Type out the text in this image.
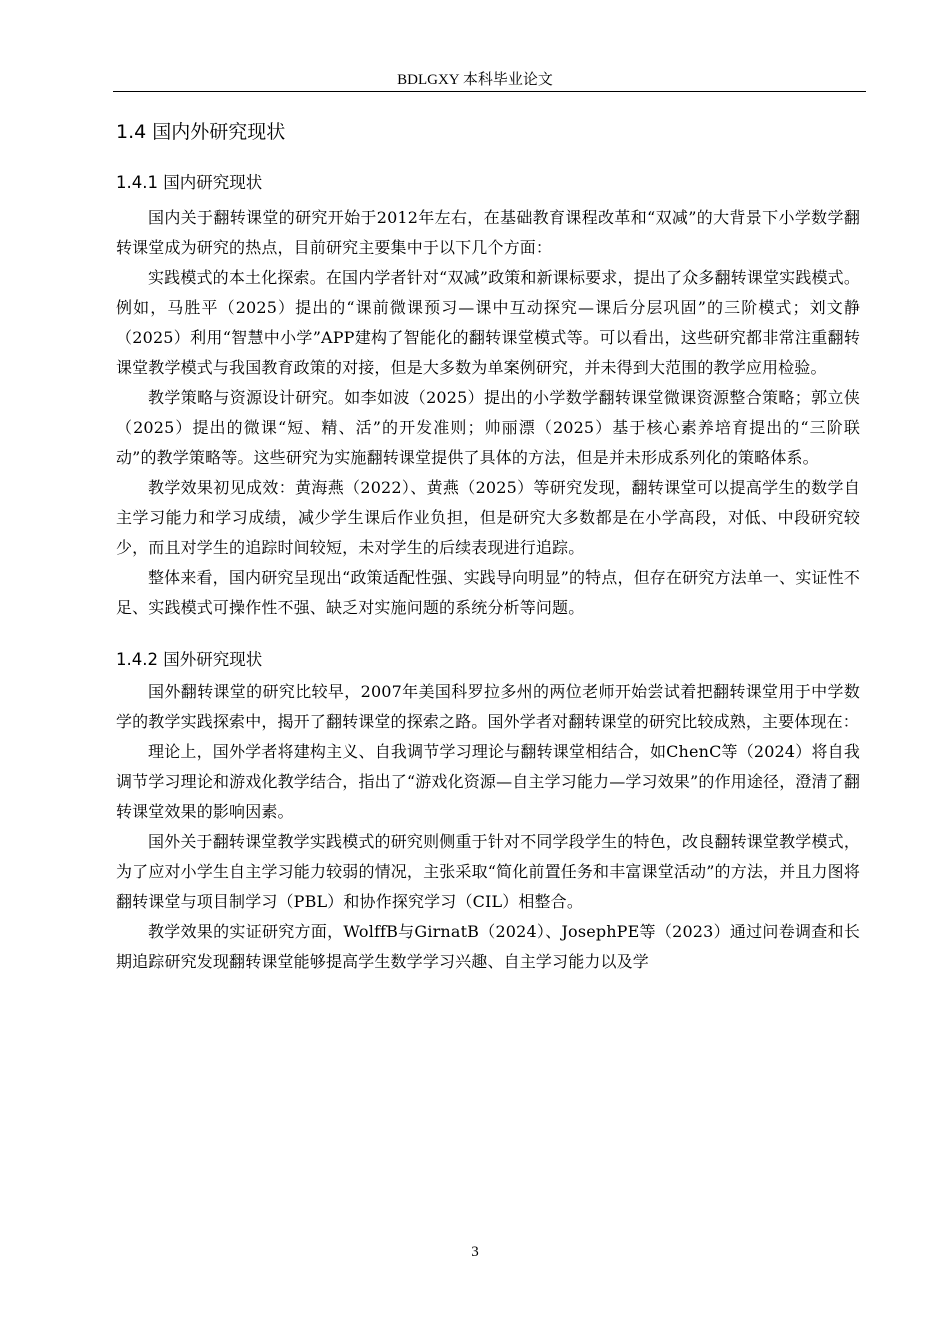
BDLGXY 本科毕业论文
1.4 国内外研究现状
1.4.1 国内研究现状

国内关于翻转课堂的研究开始于2012年左右，在基础教育课程改革和“双减”的大背景下小学数学翻转课堂成为研究的热点，目前研究主要集中于以下几个方面：

实践模式的本土化探索。在国内学者针对“双减”政策和新课标要求，提出了众多翻转课堂实践模式。例如，马胜平（2025）提出的“课前微课预习—课中互动探究—课后分层巩固”的三阶模式；刘文静（2025）利用“智慧中小学”APP建构了智能化的翻转课堂模式等。可以看出，这些研究都非常注重翻转课堂教学模式与我国教育政策的对接，但是大多数为单案例研究，并未得到大范围的教学应用检验。

教学策略与资源设计研究。如李如波（2025）提出的小学数学翻转课堂微课资源整合策略；郭立侠（2025）提出的微课“短、精、活”的开发准则；帅丽漂（2025）基于核心素养培育提出的“三阶联动”的教学策略等。这些研究为实施翻转课堂提供了具体的方法，但是并未形成系列化的策略体系。

教学效果初见成效：黄海燕（2022）、黄燕（2025）等研究发现，翻转课堂可以提高学生的数学自主学习能力和学习成绩，减少学生课后作业负担，但是研究大多数都是在小学高段，对低、中段研究较少，而且对学生的追踪时间较短，未对学生的后续表现进行追踪。

整体来看，国内研究呈现出“政策适配性强、实践导向明显”的特点，但存在研究方法单一、实证性不足、实践模式可操作性不强、缺乏对实施问题的系统分析等问题。

1.4.2 国外研究现状

国外翻转课堂的研究比较早，2007年美国科罗拉多州的两位老师开始尝试着把翻转课堂用于中学数学的教学实践探索中，揭开了翻转课堂的探索之路。国外学者对翻转课堂的研究比较成熟，主要体现在：

理论上，国外学者将建构主义、自我调节学习理论与翻转课堂相结合，如ChenC等（2024）将自我调节学习理论和游戏化教学结合，指出了“游戏化资源—自主学习能力—学习效果”的作用途径，澄清了翻转课堂效果的影响因素。

国外关于翻转课堂教学实践模式的研究则侧重于针对不同学段学生的特色，改良翻转课堂教学模式，为了应对小学生自主学习能力较弱的情况，主张采取“简化前置任务和丰富课堂活动”的方法，并且力图将翻转课堂与项目制学习（PBL）和协作探究学习（CIL）相整合。

教学效果的实证研究方面，WolffB与GirnatB（2024）、JosephPE等（2023）通过问卷调查和长期追踪研究发现翻转课堂能够提高学生数学学习兴趣、自主学习能力以及学

3
